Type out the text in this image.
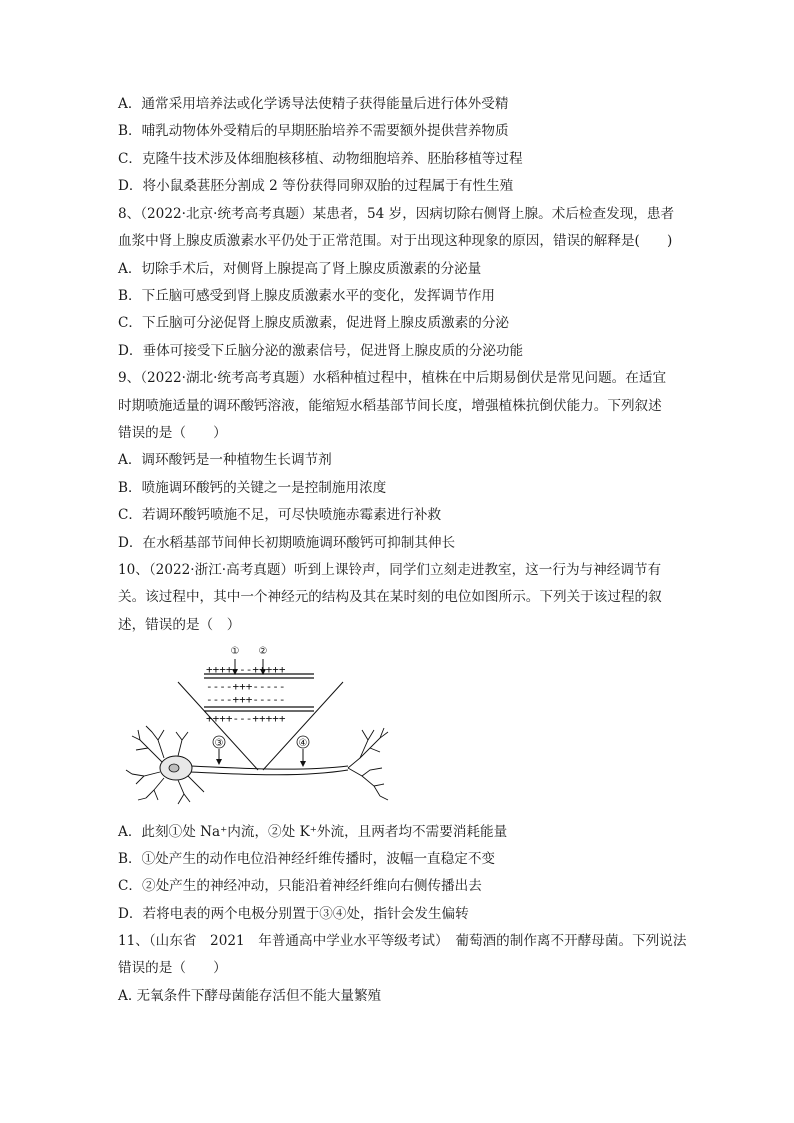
A．通常采用培养法或化学诱导法使精子获得能量后进行体外受精
B．哺乳动物体外受精后的早期胚胎培养不需要额外提供营养物质
C．克隆牛技术涉及体细胞核移植、动物细胞培养、胚胎移植等过程
D．将小鼠桑葚胚分割成 2 等份获得同卵双胎的过程属于有性生殖
8、（2022·北京·统考高考真题）某患者，54 岁，因病切除右侧肾上腺。术后检查发现，患者
血浆中肾上腺皮质激素水平仍处于正常范围。对于出现这种现象的原因，错误的解释是(　　)
A．切除手术后，对侧肾上腺提高了肾上腺皮质激素的分泌量
B．下丘脑可感受到肾上腺皮质激素水平的变化，发挥调节作用
C．下丘脑可分泌促肾上腺皮质激素，促进肾上腺皮质激素的分泌
D．垂体可接受下丘脑分泌的激素信号，促进肾上腺皮质的分泌功能
9、（2022·湖北·统考高考真题）水稻种植过程中，植株在中后期易倒伏是常见问题。在适宜
时期喷施适量的调环酸钙溶液，能缩短水稻基部节间长度，增强植株抗倒伏能力。下列叙述
错误的是（　　）
A．调环酸钙是一种植物生长调节剂
B．喷施调环酸钙的关键之一是控制施用浓度
C．若调环酸钙喷施不足，可尽快喷施赤霉素进行补救
D．在水稻基部节间伸长初期喷施调环酸钙可抑制其伸长
10、（2022·浙江·高考真题）听到上课铃声，同学们立刻走进教室，这一行为与神经调节有
关。该过程中，其中一个神经元的结构及其在某时刻的电位如图所示。下列关于该过程的叙
述，错误的是（　）
① ②
++++---+++++
----+++-----
----+++-----
++++---+++++
③	④
A．此刻①处 Na⁺内流，②处 K⁺外流，且两者均不需要消耗能量
B．①处产生的动作电位沿神经纤维传播时，波幅一直稳定不变
C．②处产生的神经冲动，只能沿着神经纤维向右侧传播出去
D．若将电表的两个电极分别置于③④处，指针会发生偏转
11、（山东省　2021　年普通高中学业水平等级考试）　葡萄酒的制作离不开酵母菌。下列说法
错误的是（　　）
A. 无氧条件下酵母菌能存活但不能大量繁殖
